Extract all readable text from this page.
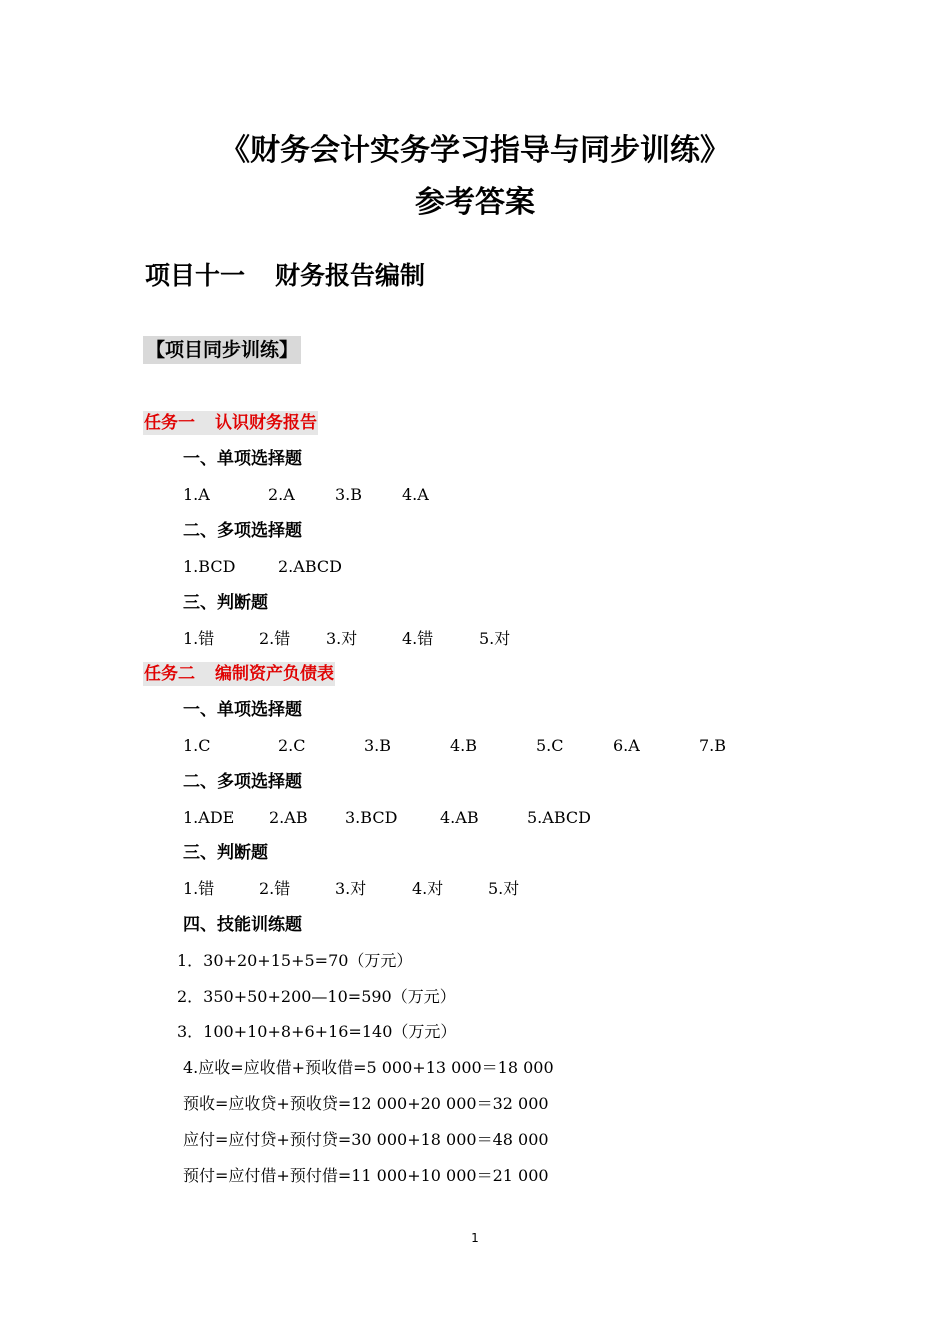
《财务会计实务学习指导与同步训练》
参考答案
项目十一 财务报告编制
【项目同步训练】
任务一 认识财务报告
一、单项选择题
1.A	2.A	3.B 4.A
二、多项选择题
1.BCD	2.ABCD
三、判断题
1.错	2.错 3.对	4.错	5.对
任务二 编制资产负债表
一、单项选择题
1.C	2.C	3.B	4.B	5.C	6.A	7.B
二、多项选择题
1.ADE 2.AB 3.BCD	4.AB	5.ABCD
三、判断题
1.错	2.错	3.对	4.对	5.对
四、技能训练题
1．30+20+15+5=70（万元）
2．350+50+200—10=590（万元）
3．100+10+8+6+16=140（万元）
4.应收=应收借+预收借=5 000+13 000＝18 000
预收=应收贷+预收贷=12 000+20 000＝32 000
应付=应付贷+预付贷=30 000+18 000＝48 000
预付=应付借+预付借=11 000+10 000＝21 000
1
